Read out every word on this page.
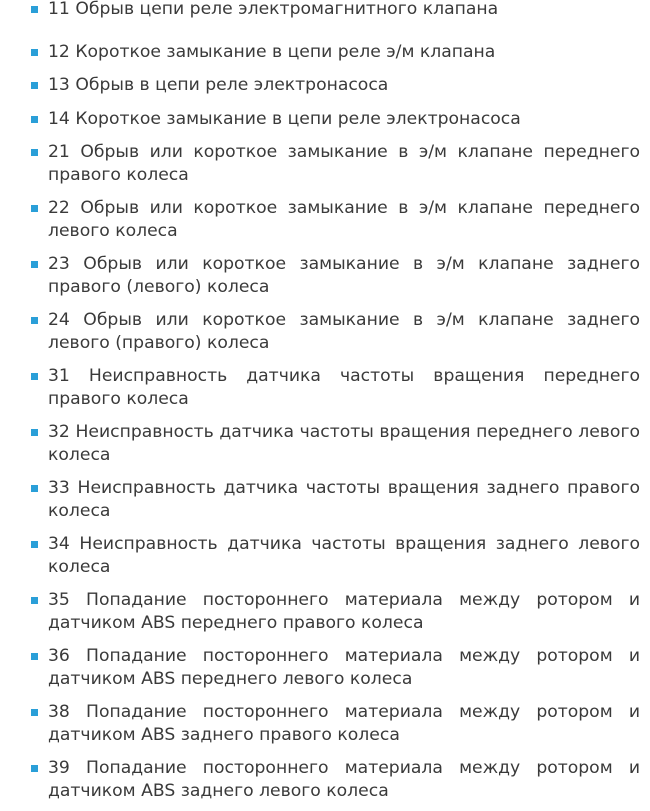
11 Обрыв цепи реле электромагнитного клапана
12 Короткое замыкание в цепи реле э/м клапана
13 Обрыв в цепи реле электронасоса
14 Короткое замыкание в цепи реле электронасоса
21 Обрыв или короткое замыкание в э/м клапане переднего правого колеса
22 Обрыв или короткое замыкание в э/м клапане переднего левого колеса
23 Обрыв или короткое замыкание в э/м клапане заднего правого (левого) колеса
24 Обрыв или короткое замыкание в э/м клапане заднего левого (правого) колеса
31 Неисправность датчика частоты вращения переднего правого колеса
32 Неисправность датчика частоты вращения переднего левого колеса
33 Неисправность датчика частоты вращения заднего правого колеса
34 Неисправность датчика частоты вращения заднего левого колеса
35 Попадание постороннего материала между ротором и датчиком ABS переднего правого колеса
36 Попадание постороннего материала между ротором и датчиком ABS переднего левого колеса
38 Попадание постороннего материала между ротором и датчиком ABS заднего правого колеса
39 Попадание постороннего материала между ротором и датчиком ABS заднего левого колеса
